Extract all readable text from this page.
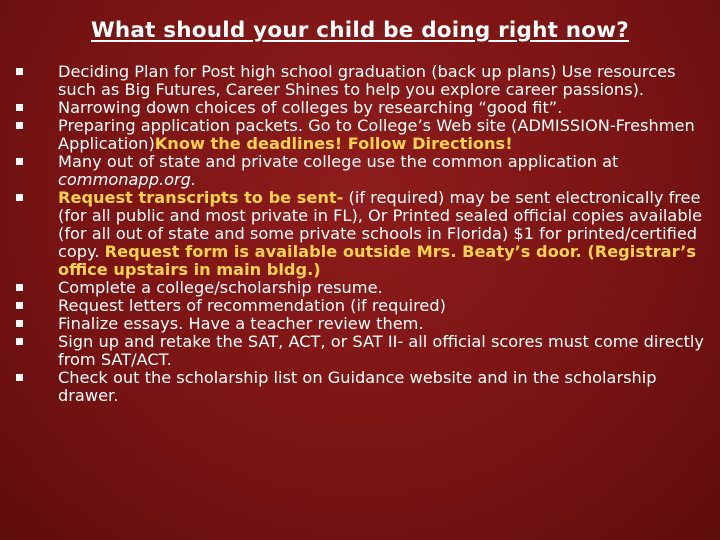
What should your child be doing right now?
Deciding Plan for Post high school graduation (back up plans) Use resources such as Big Futures, Career Shines to help you explore career passions).
Narrowing down choices of colleges by researching “good fit”.
Preparing application packets. Go to College’s Web site (ADMISSION-Freshmen Application)Know the deadlines! Follow Directions!
Many out of state and private college use the common application at commonapp.org.
Request transcripts to be sent- (if required) may be sent electronically free (for all public and most private in FL), Or Printed sealed official copies available (for all out of state and some private schools in Florida) $1 for printed/certified copy. Request form is available outside Mrs. Beaty’s door. (Registrar’s office upstairs in main bldg.)
Complete a college/scholarship resume.
Request letters of recommendation (if required)
Finalize essays. Have a teacher review them.
Sign up and retake the SAT, ACT, or SAT II- all official scores must come directly from SAT/ACT.
Check out the scholarship list on Guidance website and in the scholarship drawer.
